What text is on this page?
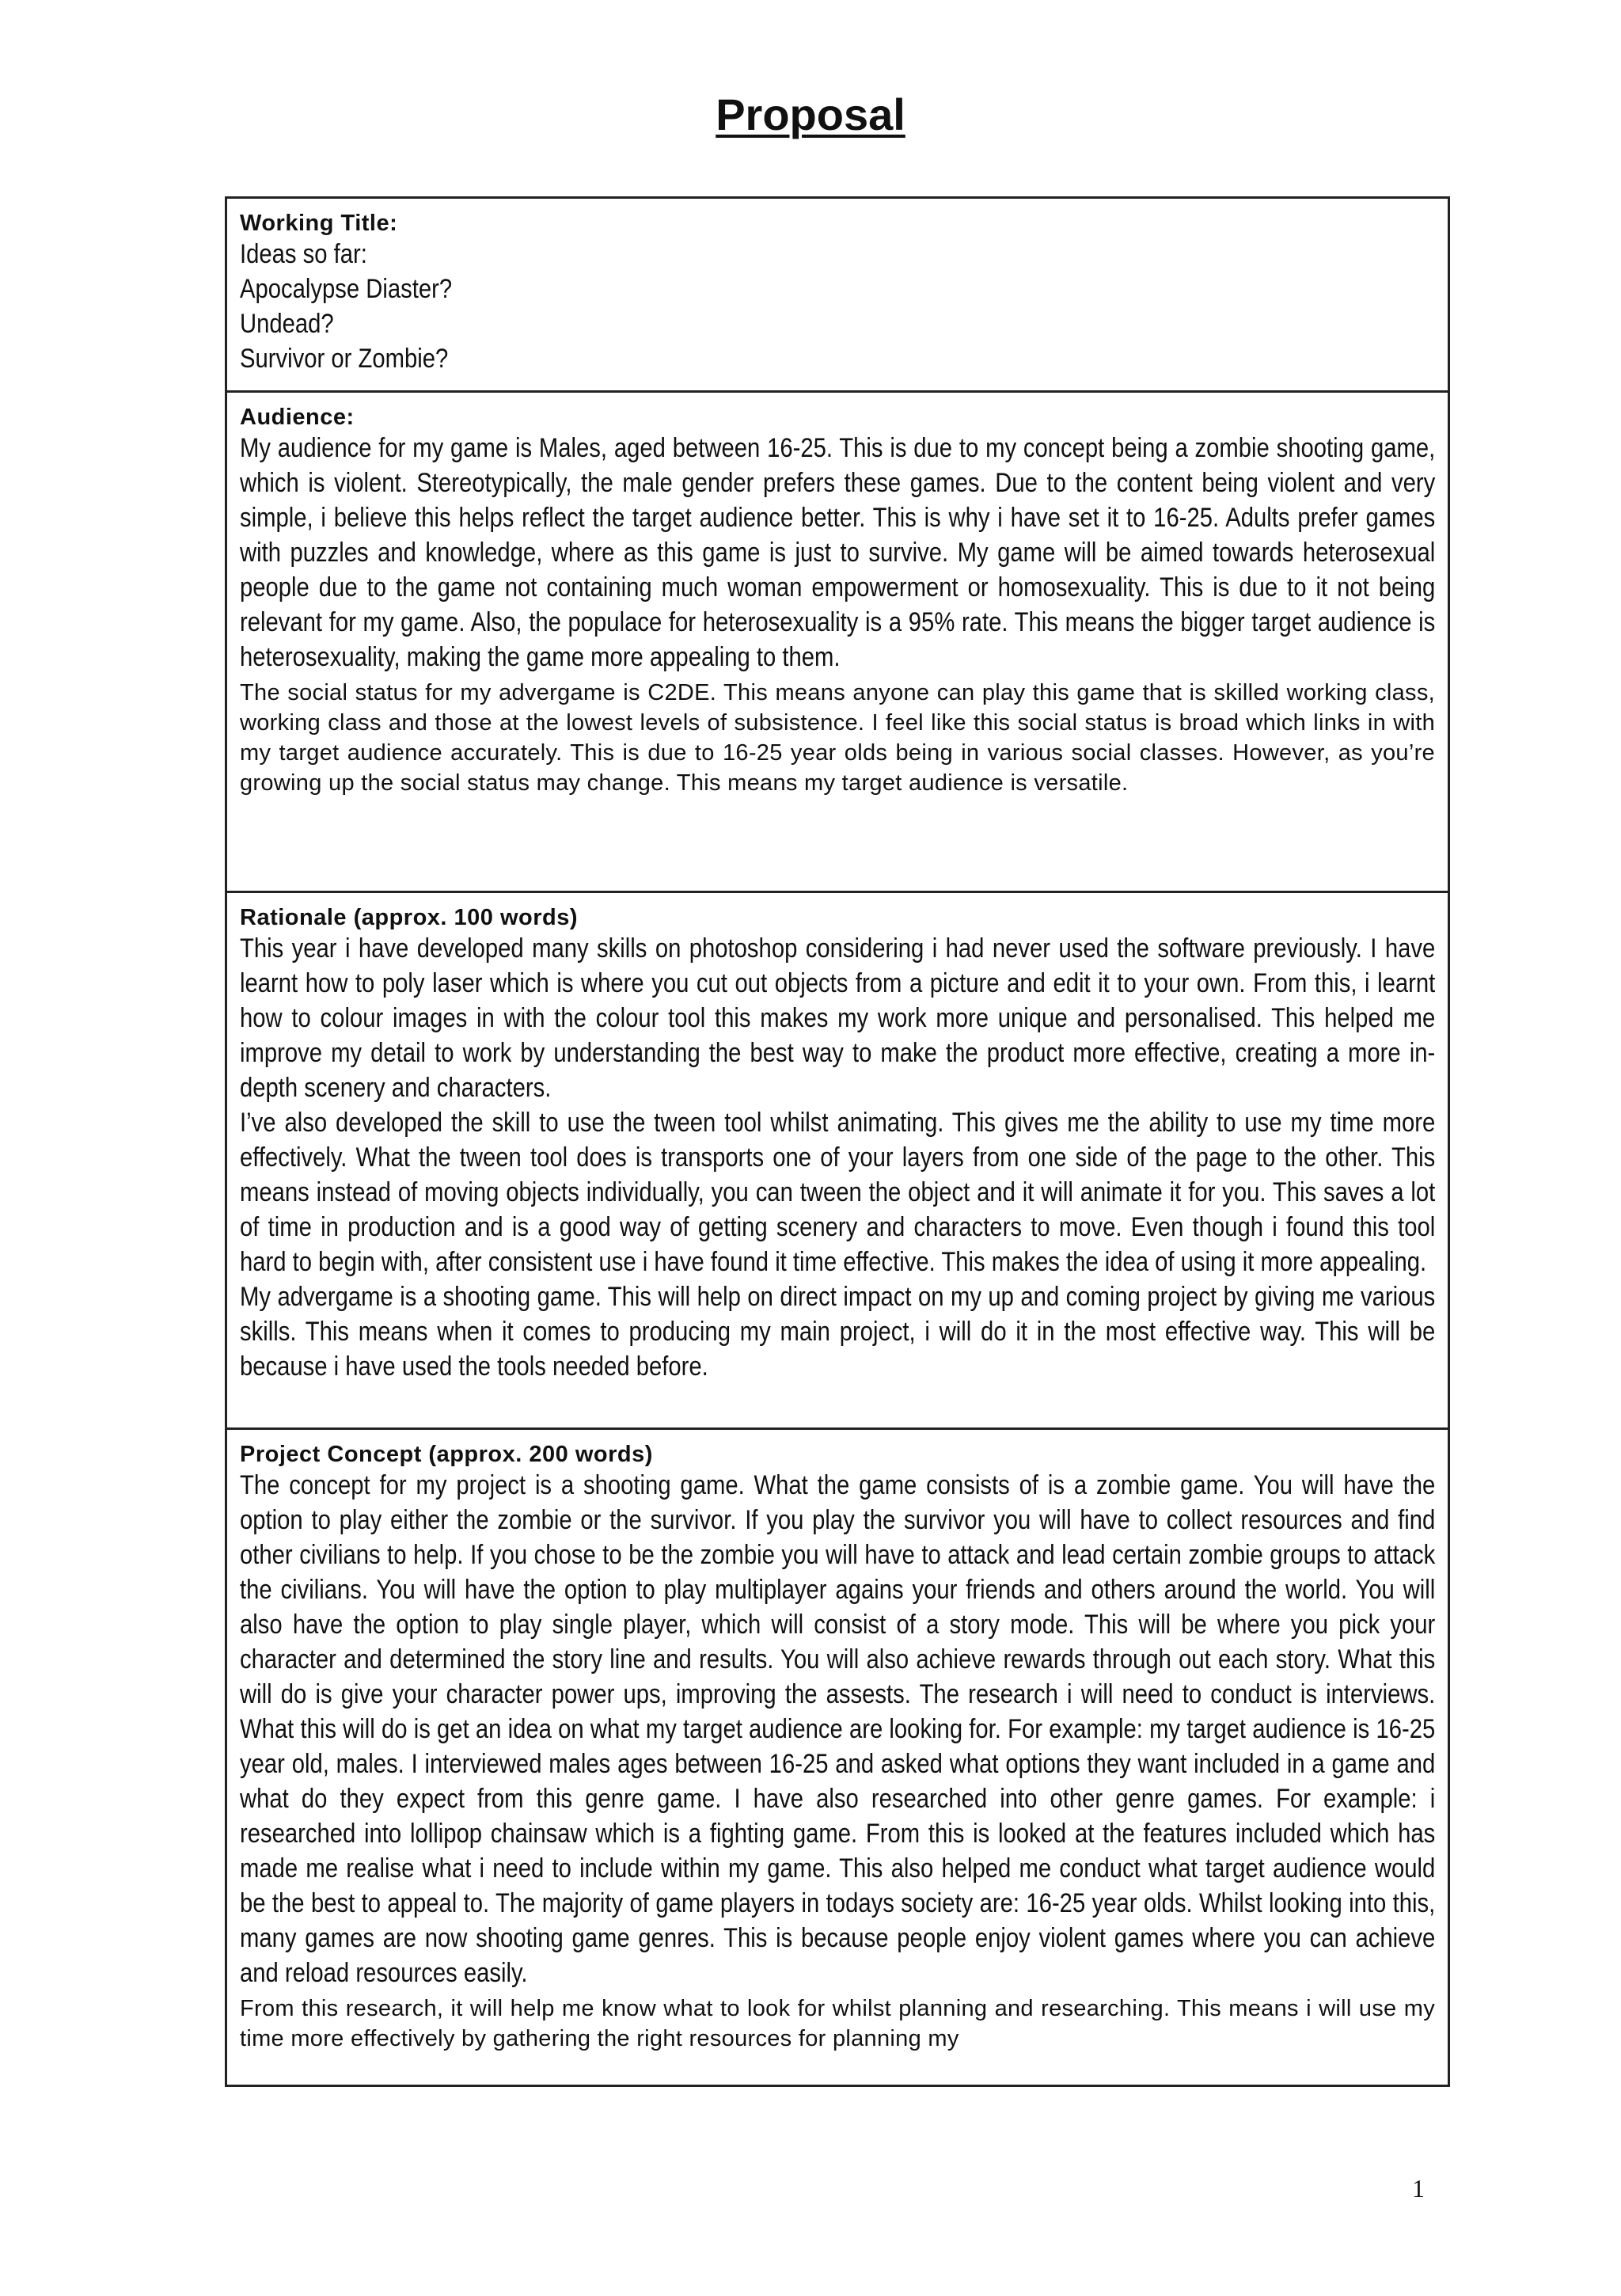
Proposal

Working Title:

Ideas so far:
Apocalypse Diaster?
Undead?
Survivor or Zombie?

Audience:

My audience for my game is Males, aged between 16-25. This is due to my concept being a zombie shooting game, which is violent. Stereotypically, the male gender prefers these games. Due to the content being violent and very simple, i believe this helps reflect the target audience better. This is why i have set it to 16-25. Adults prefer games with puzzles and knowledge, where as this game is just to survive. My game will be aimed towards heterosexual people due to the game not containing much woman empowerment or homosexuality. This is due to it not being relevant for my game. Also, the populace for heterosexuality is a 95% rate. This means the bigger target audience is heterosexuality, making the game more appealing to them.

The social status for my advergame is C2DE. This means anyone can play this game that is skilled working class, working class and those at the lowest levels of subsistence. I feel like this social status is broad which links in with my target audience accurately. This is due to 16-25 year olds being in various social classes. However, as you’re growing up the social status may change. This means my target audience is versatile.

Rationale (approx. 100 words)

This year i have developed many skills on photoshop considering i had never used the software previously. I have learnt how to poly laser which is where you cut out objects from a picture and edit it to your own. From this, i learnt how to colour images in with the colour tool this makes my work more unique and personalised. This helped me improve my detail to work by understanding the best way to make the product more effective, creating a more in-depth scenery and characters.

I’ve also developed the skill to use the tween tool whilst animating. This gives me the ability to use my time more effectively. What the tween tool does is transports one of your layers from one side of the page to the other. This means instead of moving objects individually, you can tween the object and it will animate it for you. This saves a lot of time in production and is a good way of getting scenery and characters to move. Even though i found this tool hard to begin with, after consistent use i have found it time effective. This makes the idea of using it more appealing.

My advergame is a shooting game. This will help on direct impact on my up and coming project by giving me various skills. This means when it comes to producing my main project, i will do it in the most effective way. This will be because i have used the tools needed before.

Project Concept (approx. 200 words)

The concept for my project is a shooting game. What the game consists of is a zombie game. You will have the option to play either the zombie or the survivor. If you play the survivor you will have to collect resources and find other civilians to help. If you chose to be the zombie you will have to attack and lead certain zombie groups to attack the civilians. You will have the option to play multiplayer agains your friends and others around the world. You will also have the option to play single player, which will consist of a story mode. This will be where you pick your character and determined the story line and results. You will also achieve rewards through out each story. What this will do is give your character power ups, improving the assests. The research i will need to conduct is interviews. What this will do is get an idea on what my target audience are looking for. For example: my target audience is 16-25 year old, males. I interviewed males ages between 16-25 and asked what options they want included in a game and what do they expect from this genre game. I have also researched into other genre games. For example: i researched into lollipop chainsaw which is a fighting game. From this is looked at the features included which has made me realise what i need to include within my game. This also helped me conduct what target audience would be the best to appeal to. The majority of game players in todays society are: 16-25 year olds. Whilst looking into this, many games are now shooting game genres. This is because people enjoy violent games where you can achieve and reload resources easily.

From this research, it will help me know what to look for whilst planning and researching. This means i will use my time more effectively by gathering the right resources for planning my

1
